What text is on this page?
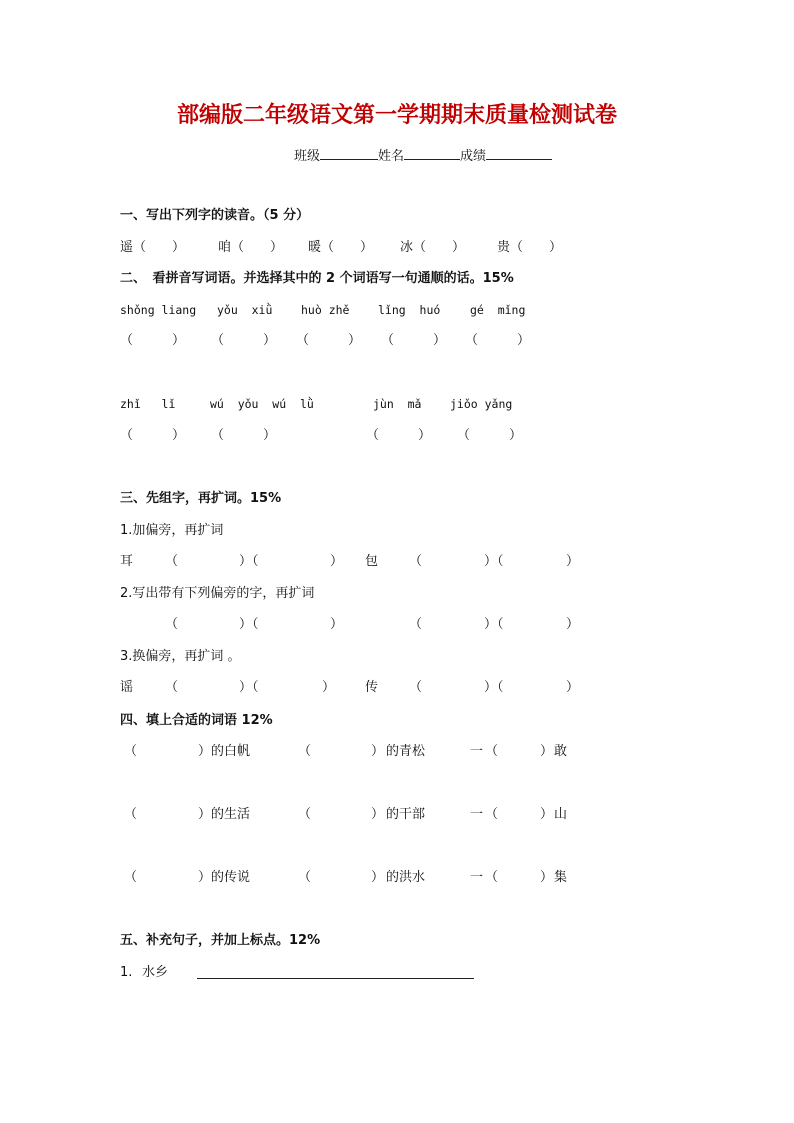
部编版二年级语文第一学期期末质量检测试卷
班级	姓名	成绩
一、写出下列字的读音。（5 分）
遥（　　）	咱（　　） 暖（　　） 冰（　　） 贵（　　）
二、　看拼音写词语。并选择其中的 2 个词语写一句通顺的话。15%
shǒng liang yǒu  xiǜ huò zhě lǐng  huó	gé  mǐng
（　　　） （　　　） （　　　） （　　　） （　　　）
zhǐ   lǐ	wú  yǒu  wú  lǜ	jùn  mǎ jiǒo yǎng
（　　　） （　　　）	（　　　） （　　　）
三、先组字，再扩词。15%
1.加偏旁，再扩词
耳 （	）（	） 包 （	）（	）
2.写出带有下列偏旁的字，再扩词
（	）（	）	（	）（	）
3.换偏旁，再扩词 。
谣 （	）（	） 传 （	）（	）
四、填上合适的词语 12%
（	） 的白帆	（	） 的青松	一 （	） 敢
（	） 的生活	（	） 的干部	一 （	） 山
（	） 的传说	（	） 的洪水	一 （	） 集
五、补充句子，并加上标点。12%
1. 水乡
